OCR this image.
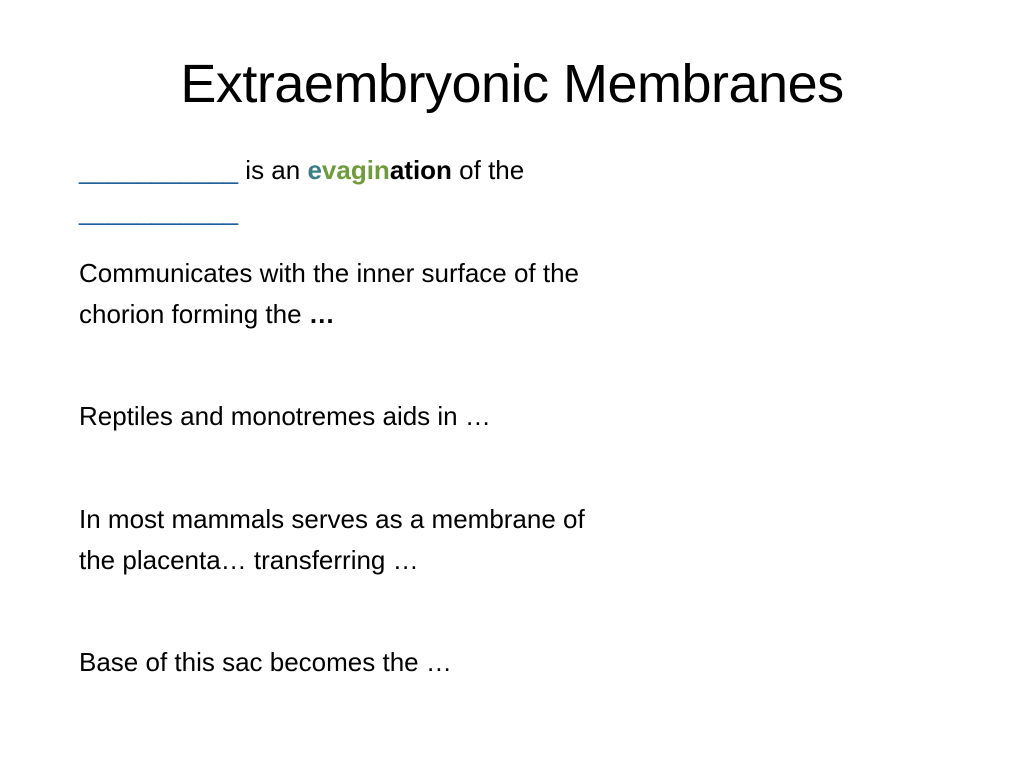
Extraembryonic Membranes
___________ is an evagination of the
___________
Communicates with the inner surface of the
chorion forming the …
Reptiles and monotremes aids in …
In most mammals serves as a membrane of
the placenta… transferring …
Base of this sac becomes the …
